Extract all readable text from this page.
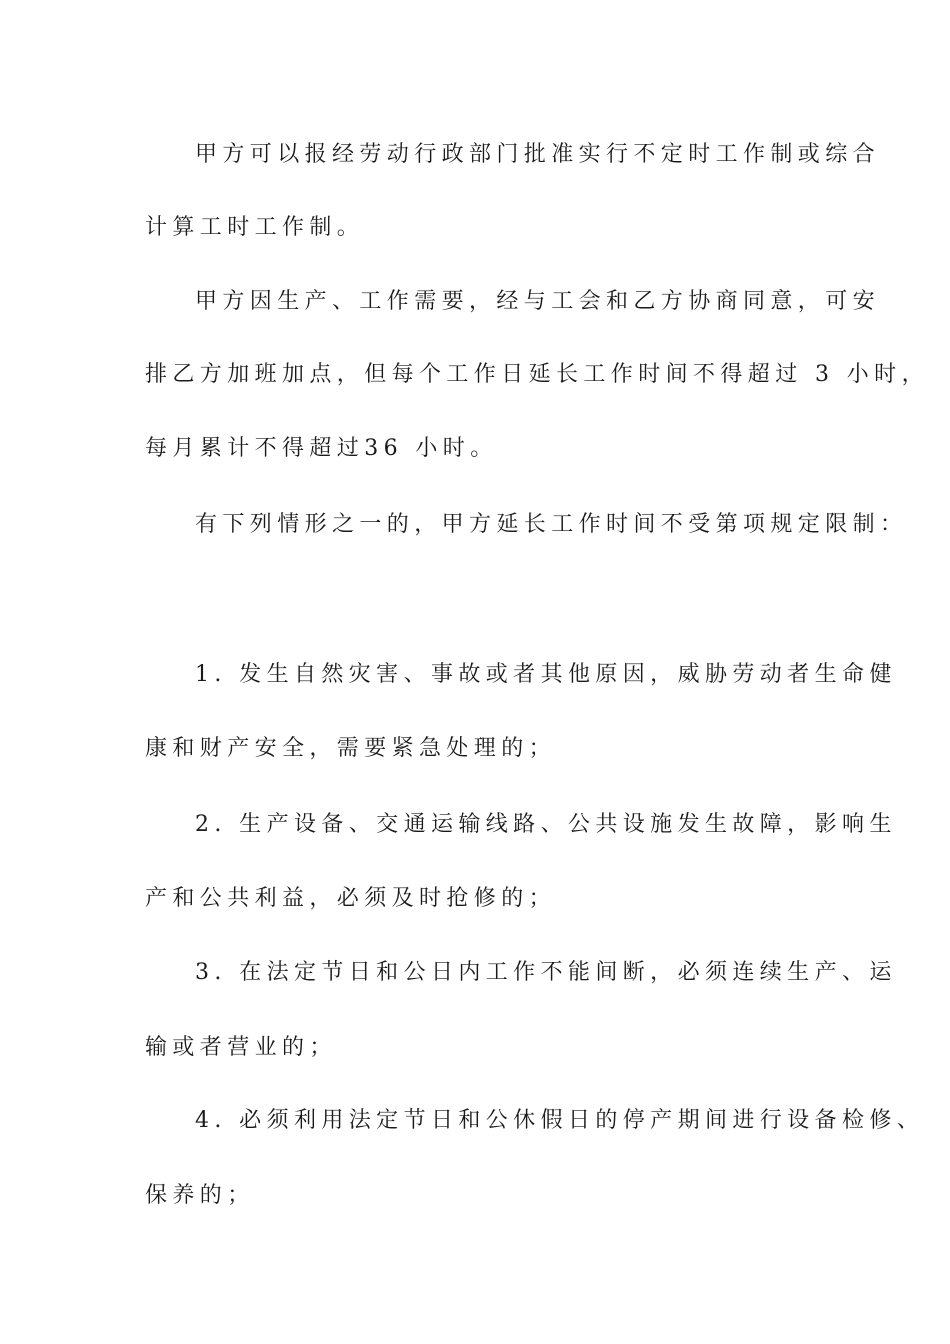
甲方可以报经劳动行政部门批准实行不定时工作制或综合
计算工时工作制。
甲方因生产、工作需要，经与工会和乙方协商同意，可安
排乙方加班加点，但每个工作日延长工作时间不得超过 3 小时，
每月累计不得超过36 小时。
有下列情形之一的，甲方延长工作时间不受第项规定限制：
1. 发生自然灾害、事故或者其他原因，威胁劳动者生命健
康和财产安全，需要紧急处理的；
2. 生产设备、交通运输线路、公共设施发生故障，影响生
产和公共利益，必须及时抢修的；
3. 在法定节日和公日内工作不能间断，必须连续生产、运
输或者营业的；
4. 必须利用法定节日和公休假日的停产期间进行设备检修、
保养的；
